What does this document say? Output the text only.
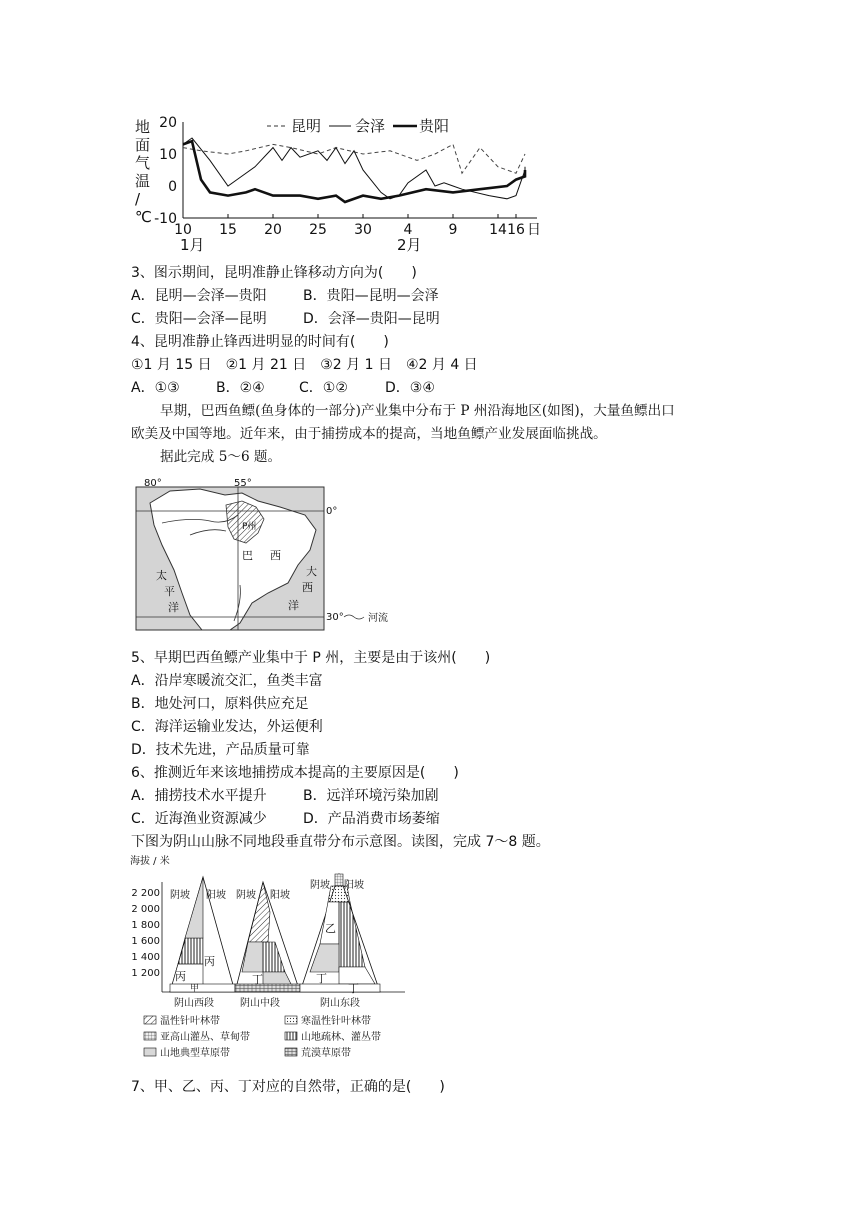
地
面
气
温
/
℃
20
10
0
-10
10 15 20 25 30 4	9 14 16 日
昆明 会泽 贵阳
1月	2月
3、图示期间，昆明准静止锋移动方向为(　　)
A．昆明—会泽—贵阳	B．贵阳—昆明—会泽
C．贵阳—会泽—昆明	D．会泽—贵阳—昆明
4、昆明准静止锋西进明显的时间有(　　)
①1 月 15 日　②1 月 21 日　③2 月 1 日　④2 月 4 日
A．①③	B．②④ C．①②	D．③④
早期，巴西鱼鳔(鱼身体的一部分)产业集中分布于 P 州沿海地区(如图)，大量鱼鳔出口
欧美及中国等地。近年来，由于捕捞成本的提高，当地鱼鳔产业发展面临挑战。
据此完成 5～6 题。
80°	55°
0°
30°
P州
巴 西
太
平
洋
大
西
洋
河流
5、早期巴西鱼鳔产业集中于 P 州，主要是由于该州(　　)
A．沿岸寒暖流交汇，鱼类丰富
B．地处河口，原料供应充足
C．海洋运输业发达，外运便利
D．技术先进，产品质量可靠
6、推测近年来该地捕捞成本提高的主要原因是(　　)
A．捕捞技术水平提升	B．远洋环境污染加剧
C．近海渔业资源减少	D．产品消费市场萎缩
下图为阴山山脉不同地段垂直带分布示意图。读图，完成 7～8 题。
海拔 / 米
2 200
2 000
1 800
1 600
1 400
1 200
阴坡 阳坡 阴坡 阳坡
阴坡 阳坡
丙
丙
甲
丁
乙
丁
丁
阴山西段	阴山中段	阴山东段
温性针叶林带	寒温性针叶林带
亚高山灌丛、草甸带	山地疏林、灌丛带
山地典型草原带	荒漠草原带
7、甲、乙、丙、丁对应的自然带，正确的是(　　)
